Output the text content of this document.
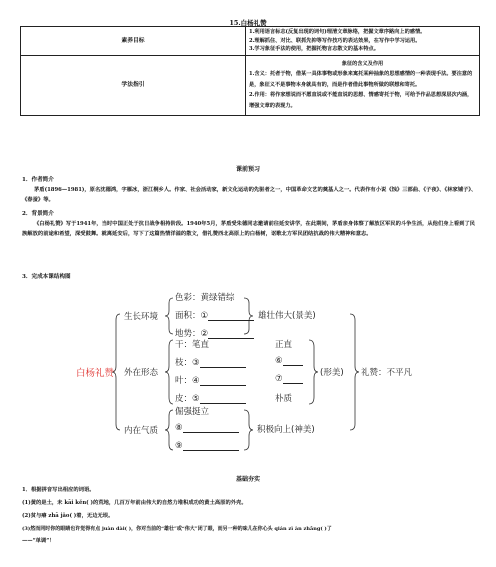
15.白杨礼赞
素养目标	1.利用语言标志(反复出现的词句)理清文章脉络，把握文章序路向上的感情。
2.理解抓住、对比、联抓先抑等写作技巧的表达效果，在写作中学习运用。
3.学习象征手法的使用，把握托物言志散文的基本特点。

学法指引	象征的含义及作用
1.含义：托者于物，借某一具体事物或形象来寓托某种抽象的思想感情的一种表现手法。要注意的是，象征义不是事物本身就具有的，而是作者借此事物所做的联想和寄托。
2.作用：将作家想说而不愿直说或不能直说的思想、情感寄托于物，可给予作品思想深层次内涵，增强文章的表现力。
课前预习
1．作者简介
茅盾(1896—1981)，原名沈德鸿，字雁冰，浙江桐乡人。作家、社会活动家，新文化运动的先驱者之一，中国革命文艺的奠基人之一。代表作有小说《蚀》三部曲、《子夜》、《林家铺子》、《春蚕》等。
2．背景简介
《白杨礼赞》写于1941年，当时中国正处于抗日战争相持阶段。1940年5月，茅盾受朱德同志邀请前往延安讲学，在此期间，茅盾亲身体察了解放区军民的斗争生活，从他们身上看到了民族解放的前途和希望，深受鼓舞。就离延安后，写下了这篇热情洋溢的散文，借礼赞西北高原上的白杨树，讴歌北方军民团结抗战的伟大精神和意志。
3．完成本课结构图
白杨礼赞
生长环境
外在形态
内在气质
色彩：黄绿错综
面积：①
地势：②
雄壮伟大(景美)
干：笔直
枝：③
叶：④
皮：⑤
正直
⑥
⑦
朴质
(形美) 礼赞：不平凡
倔强挺立
⑧
⑨
积极向上(神美)
基础夯实
1．根据拼音写出相应的词语。
(1)黄的是土，未 kāi kěn( )的荒地，几百万年前由伟大的自然力堆积成功的黄土高原的外壳。
(2)贫与瘠 zhā jǎo( )着，无边无垠。
(3)然而同时你的眼睛也许觉得有点 juàn dài( )，你对当前的“雄壮”或“伟大”闭了眼，而另一种的味儿在你心头 qián zì àn zhǎng( )了
——“单调”！
